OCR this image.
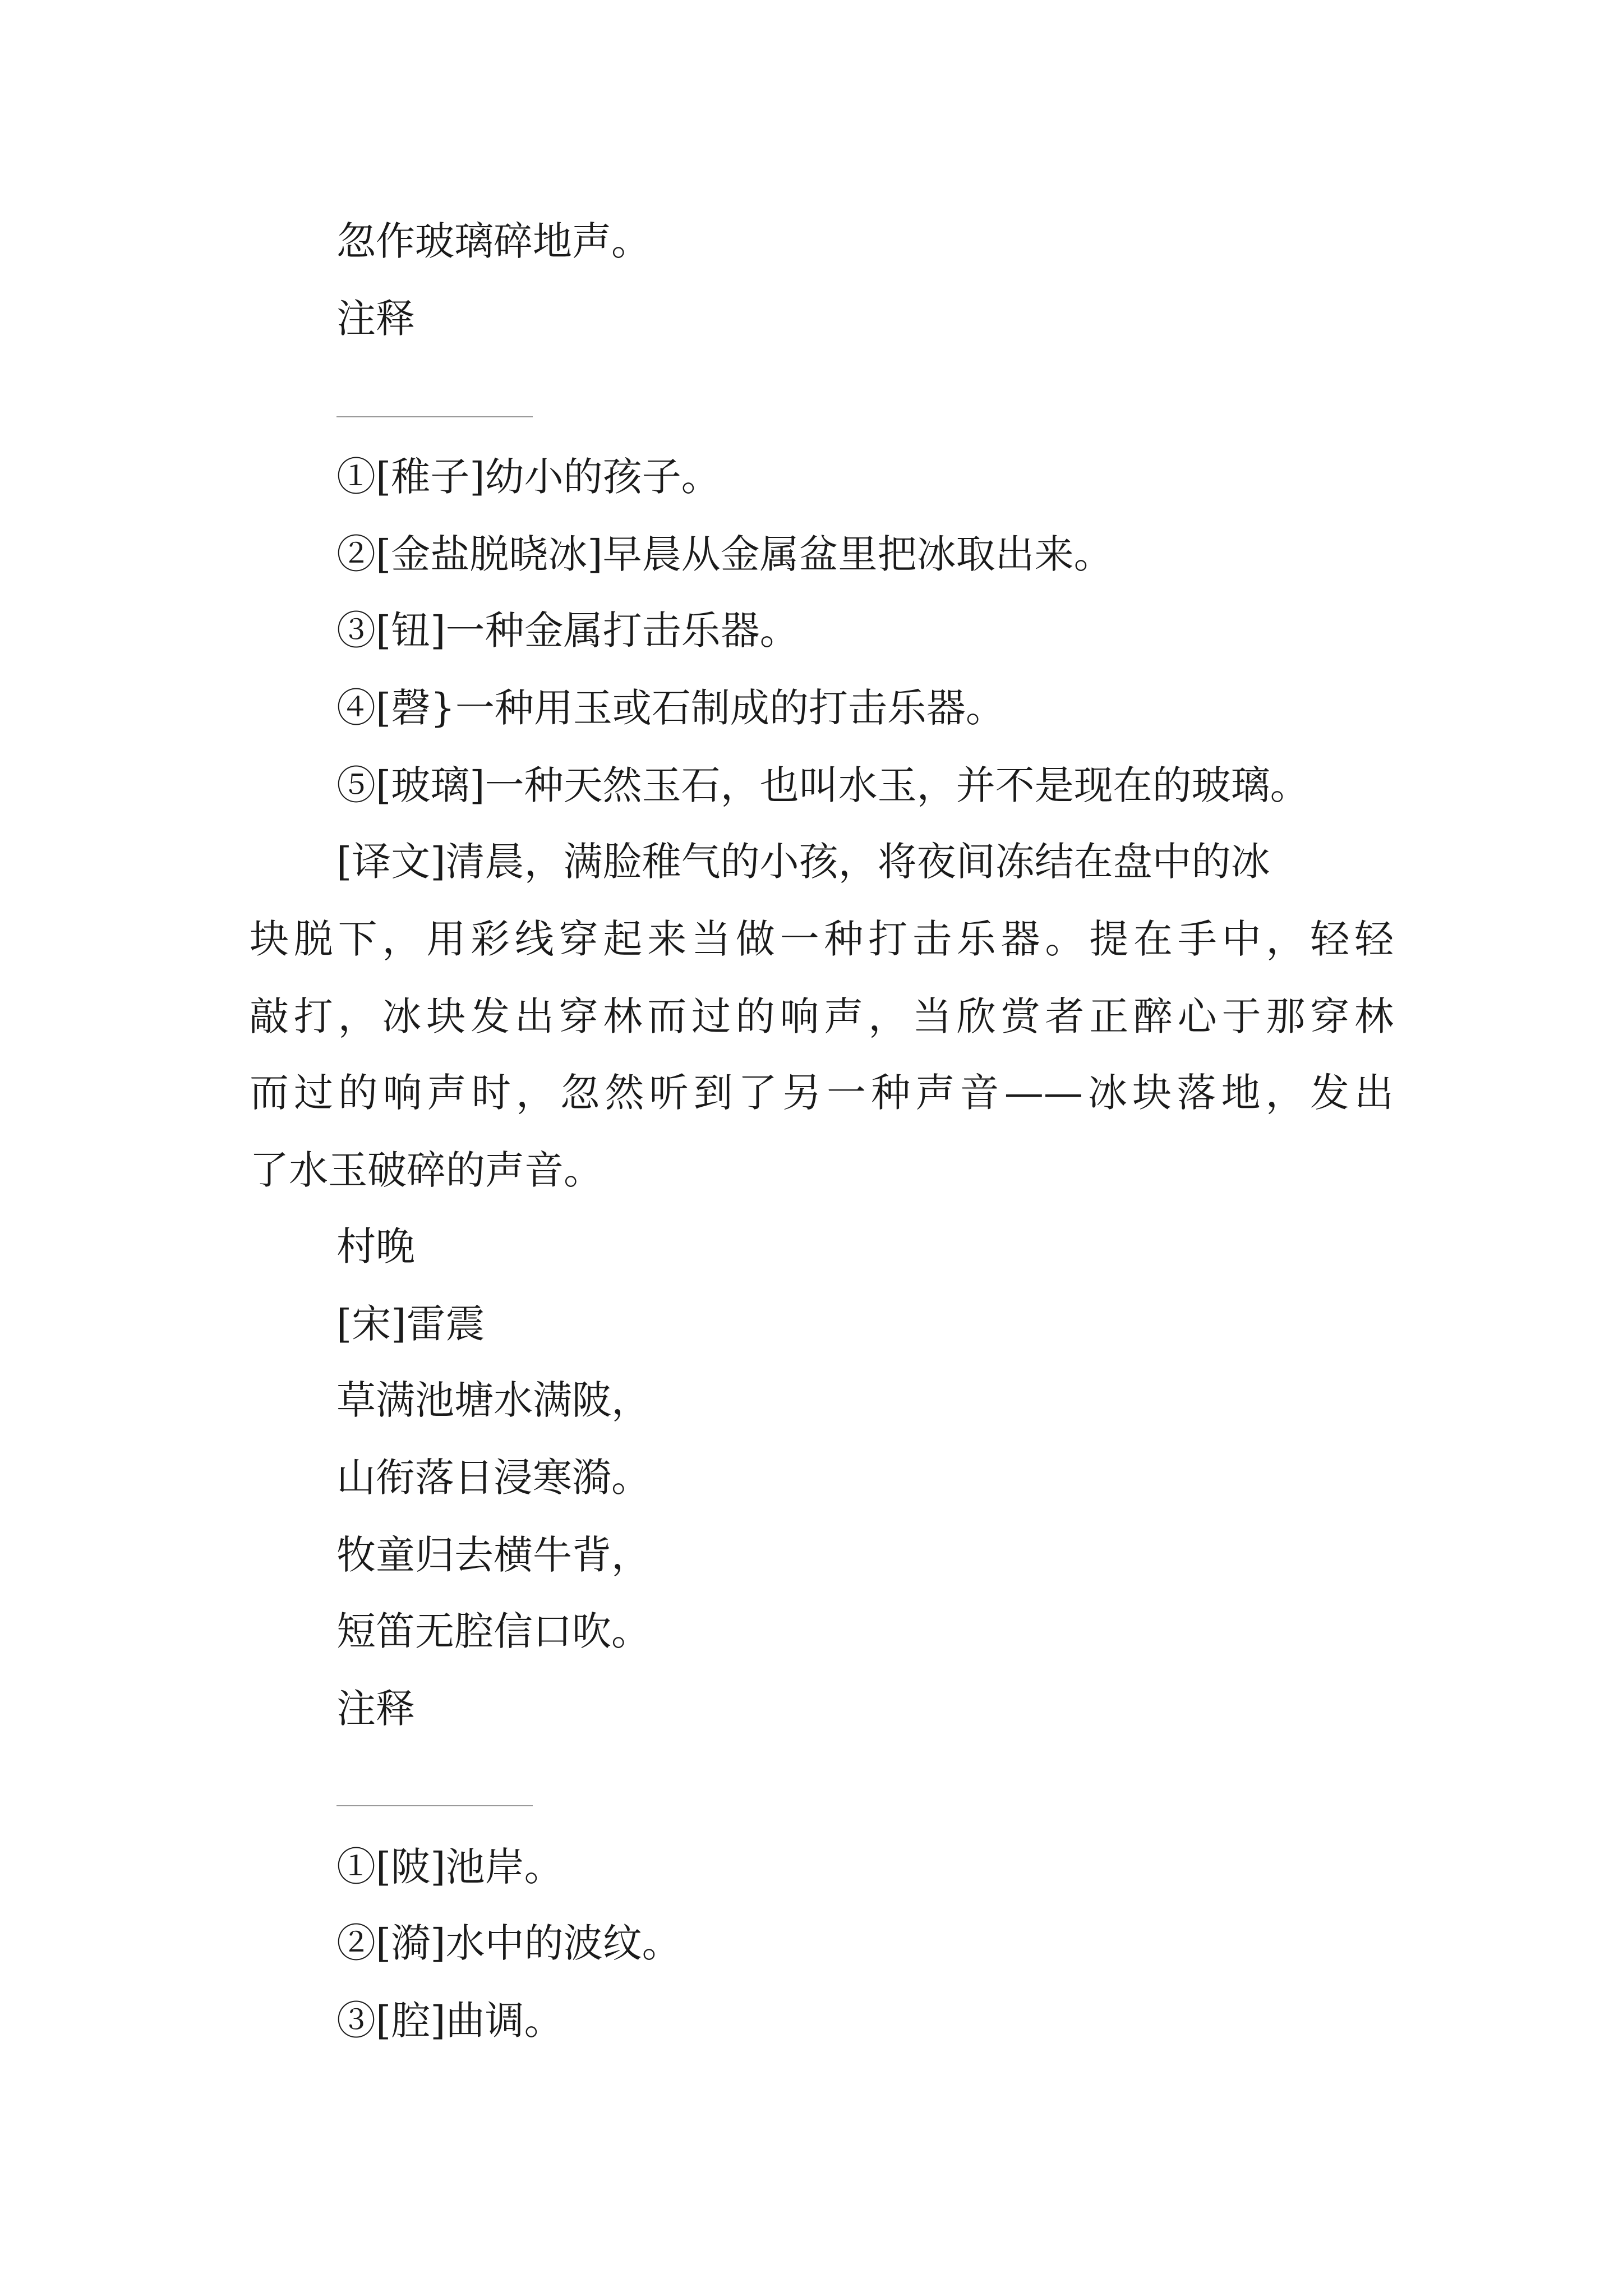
忽作玻璃碎地声。
注释
①[稚子]幼小的孩子。
②[金盐脱晓冰]早晨从金属盆里把冰取出来。
③[钮]一种金属打击乐器。
④[磬}一种用玉或石制成的打击乐器。
⑤[玻璃]一种天然玉石，也叫水玉，并不是现在的玻璃。
[译文]清晨，满脸稚气的小孩，将夜间冻结在盘中的冰
块脱下，用彩线穿起来当做一种打击乐器。提在手中，轻轻
敲打，冰块发出穿林而过的响声，当欣赏者正醉心于那穿林
而过的响声时，忽然听到了另一种声音——冰块落地，发出
了水玉破碎的声音。
村晚
[宋]雷震
草满池塘水满陂，
山衔落日浸寒漪。
牧童归去横牛背，
短笛无腔信口吹。
注释
①[陂]池岸。
②[漪]水中的波纹。
③[腔]曲调。
